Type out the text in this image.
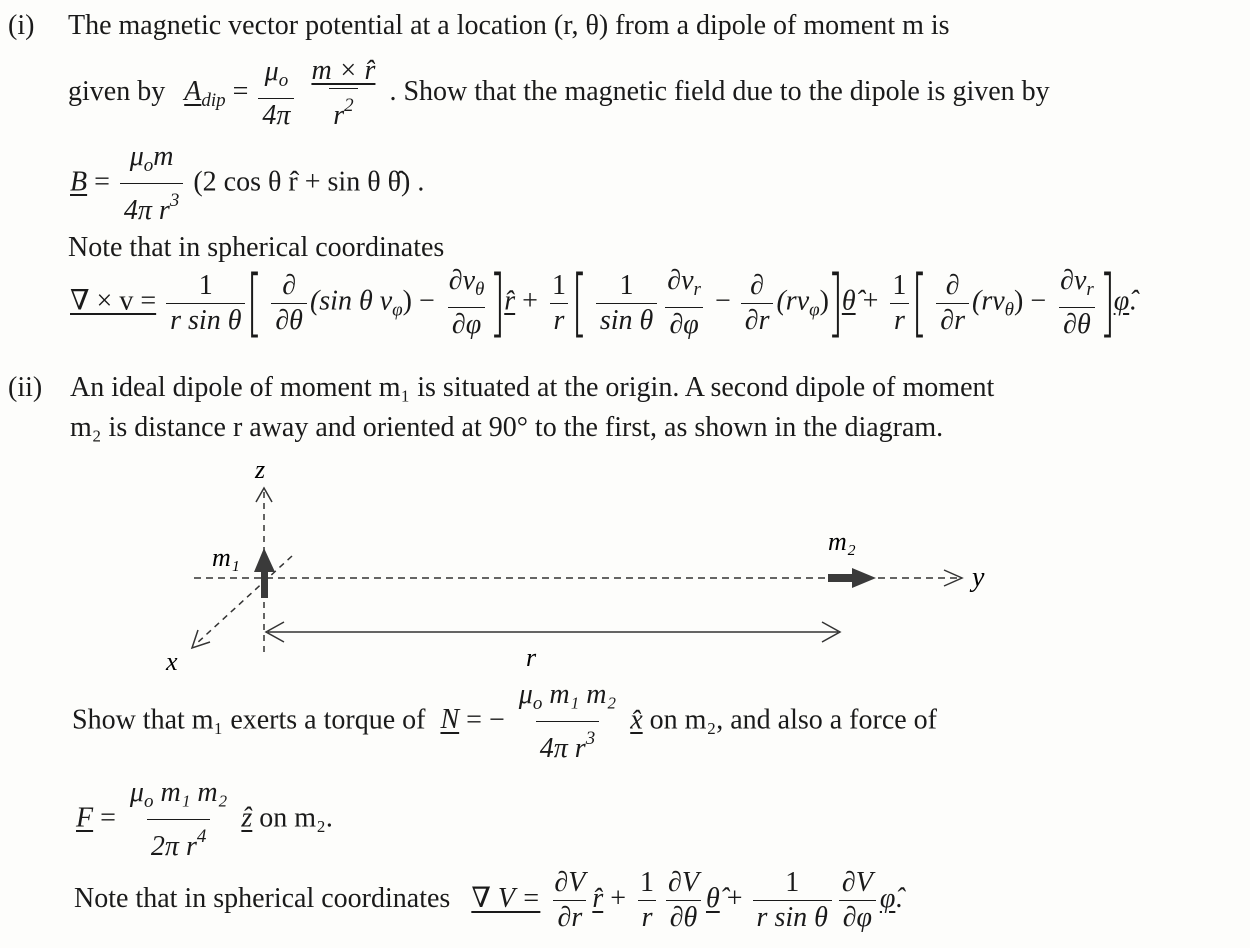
(i) The magnetic vector potential at a location (r, θ) from a dipole of moment m is
given by $A_{dip} = \frac{\mu_o}{4\pi}$
$\frac{m \times r̂}{r^2}$ . Show that the magnetic field due to the dipole is given by
$B = \frac{\mu_om}{4\pi r^3} (2$ cos θ r̂ + sin θ θ̂) .
Note that in spherical coordinates
∇ × $v = \frac{1}{\text{r sin θ}}$ [ $\frac{\partial}{\partial\theta} (\sin$ θ $v_\varphi) - \frac{\partial v_\theta}{\partial\varphi}$ ]r̂ + $\frac{1}{r}$ [ $\frac{1}{\text{sin θ}} \frac{\partial v_r}{\partial\varphi} - \frac{\partial}{\partial r}$ $(rv_\varphi)]\thetâ + \frac{1}{r}$ [ $\frac{\partial}{\partial r} (rv_\theta) - \frac{\partial v_r}{\partial\theta}$ ]φ̂.
(ii) An ideal dipole of moment m₁ is situated at the origin. A second dipole of moment
m₂ is distance r away and oriented at 90° to the first, as shown in the diagram.
z
y
x
m₁
m₂
r
Show that m₁ exerts a torque of N = − $\frac{\mu_o m_1 m_2}{4\pi r^3}$ x̂ on m₂, and also a force of
$F = \frac{\mu_o m_1 m_2}{2\pi r^4}$ ẑ on m₂.
Note that in spherical coordinates ∇ $V = \frac{\partial V}{\partial r}$ r̂ + $\frac{1}{r} \frac{\partial V}{\partial\theta}$ θ̂ + $\frac{1}{\text{r sin θ}} \frac{\partial V}{\partial\varphi}$ φ̂.
